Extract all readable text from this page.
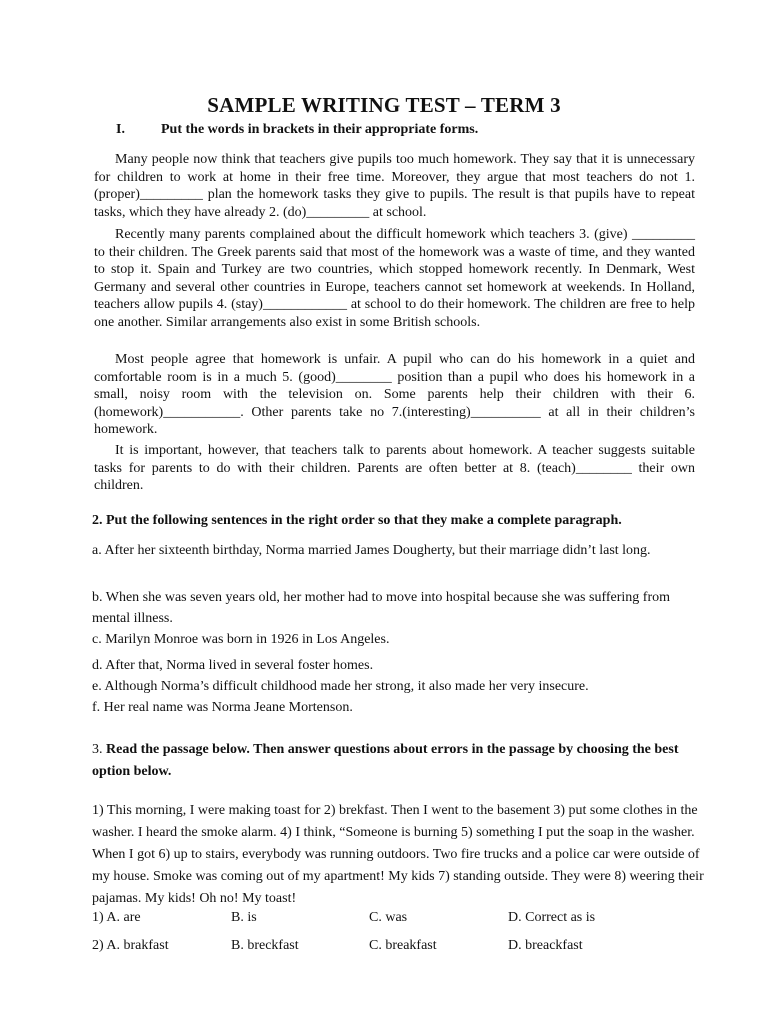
SAMPLE WRITING TEST – TERM 3
I.	Put the words in brackets in their appropriate forms.
Many people now think that teachers give pupils too much homework. They say that it is unnecessary for children to work at home in their free time. Moreover, they argue that most teachers do not 1. (proper)_________ plan the homework tasks they give to pupils. The result is that pupils have to repeat tasks, which they have already 2. (do)_________ at school.
Recently many parents complained about the difficult homework which teachers 3. (give) _________ to their children. The Greek parents said that most of the homework was a waste of time, and they wanted to stop it. Spain and Turkey are two countries, which stopped homework recently. In Denmark, West Germany and several other countries in Europe, teachers cannot set homework at weekends. In Holland, teachers allow pupils 4. (stay)____________ at school to do their homework. The children are free to help one another. Similar arrangements also exist in some British schools.
Most people agree that homework is unfair. A pupil who can do his homework in a quiet and comfortable room is in a much 5. (good)________ position than a pupil who does his homework in a small, noisy room with the television on. Some parents help their children with their 6.(homework)___________. Other parents take no 7.(interesting)__________ at all in their children’s homework.
It is important, however, that teachers talk to parents about homework. A teacher suggests suitable tasks for parents to do with their children. Parents are often better at 8. (teach)________ their own children.
2. Put the following sentences in the right order so that they make a complete paragraph.
a. After her sixteenth birthday, Norma married James Dougherty, but their marriage didn’t last long.
b. When she was seven years old, her mother had to move into hospital because she was suffering from mental illness.
c. Marilyn Monroe was born in 1926 in Los Angeles.
d. After that, Norma lived in several foster homes.
e. Although Norma’s difficult childhood made her strong, it also made her very insecure.
f. Her real name was Norma Jeane Mortenson.
3. Read the passage below. Then answer questions about errors in the passage by choosing the best option below.
1) This morning, I were making toast for 2) brekfast. Then I went to the basement 3) put some clothes in the washer. I heard the smoke alarm. 4) I think, “Someone is burning 5) something I put the soap in the washer. When I got 6) up to stairs, everybody was running outdoors. Two fire trucks and a police car were outside of my house. Smoke was coming out of my apartment! My kids 7) standing outside. They were 8) weering their pajamas. My kids! Oh no! My toast!
1) A. are	B. is	C. was	D. Correct as is
2) A. brakfast	B. breckfast	C. breakfast	D. breackfast
